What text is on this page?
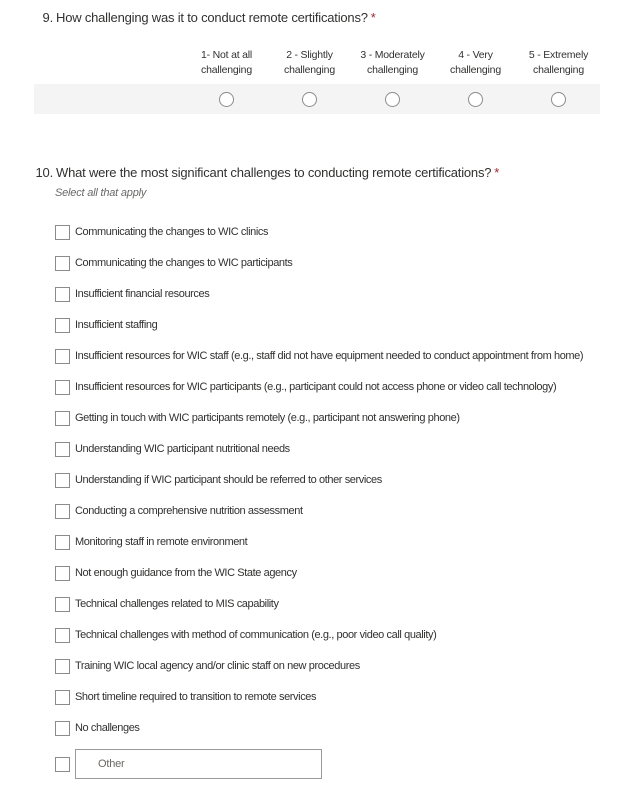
9. How challenging was it to conduct remote certifications? *
1- Not at all challenging
2 - Slightly challenging
3 - Moderately challenging
4 - Very challenging
5 - Extremely challenging
10. What were the most significant challenges to conducting remote certifications? *
Select all that apply
Communicating the changes to WIC clinics
Communicating the changes to WIC participants
Insufficient financial resources
Insufficient staffing
Insufficient resources for WIC staff (e.g., staff did not have equipment needed to conduct appointment from home)
Insufficient resources for WIC participants (e.g., participant could not access phone or video call technology)
Getting in touch with WIC participants remotely (e.g., participant not answering phone)
Understanding WIC participant nutritional needs
Understanding if WIC participant should be referred to other services
Conducting a comprehensive nutrition assessment
Monitoring staff in remote environment
Not enough guidance from the WIC State agency
Technical challenges related to MIS capability
Technical challenges with method of communication (e.g., poor video call quality)
Training WIC local agency and/or clinic staff on new procedures
Short timeline required to transition to remote services
No challenges
Other
